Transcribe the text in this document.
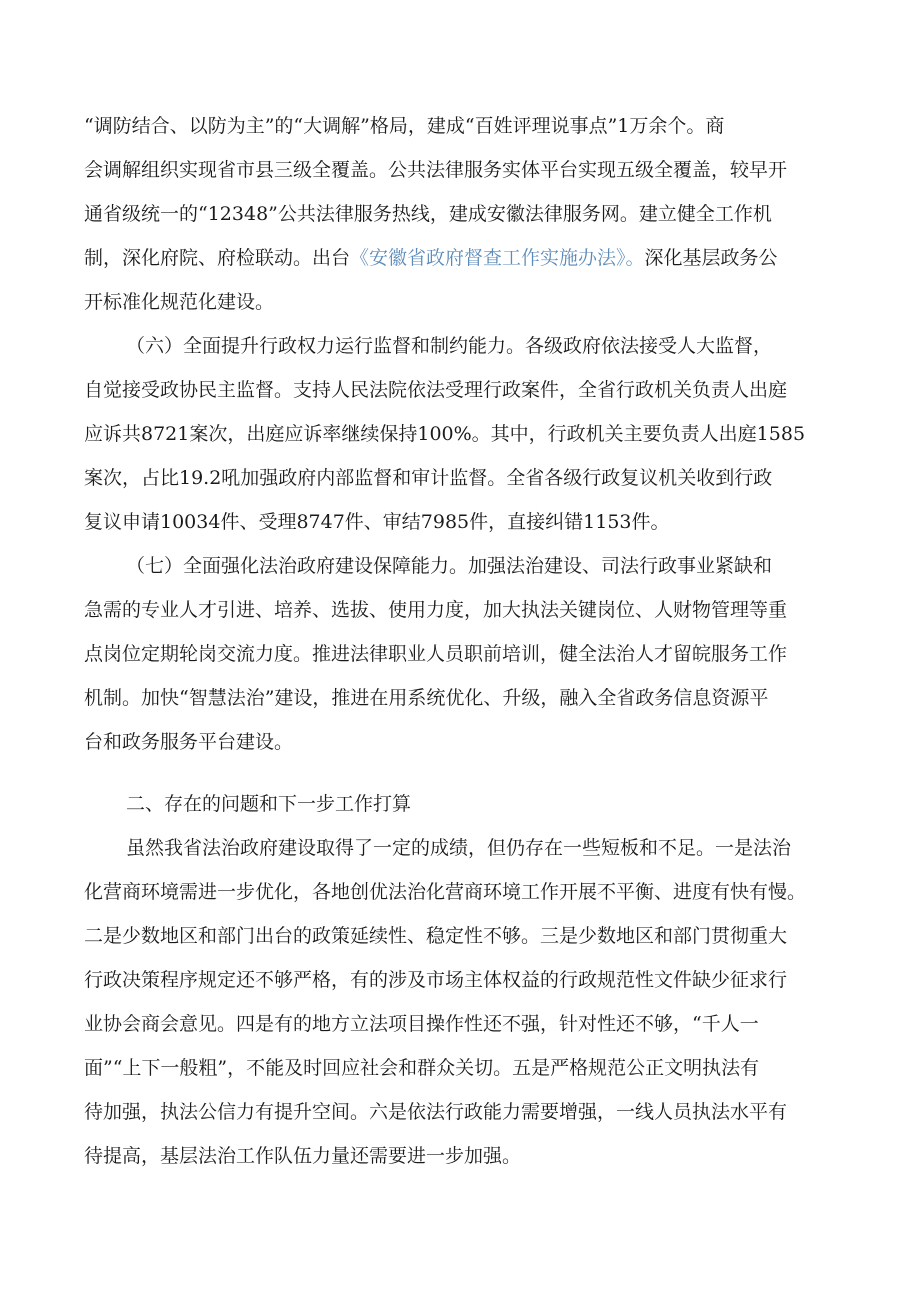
“调防结合、以防为主”的“大调解”格局，建成“百姓评理说事点”1万余个。商
会调解组织实现省市县三级全覆盖。公共法律服务实体平台实现五级全覆盖，较早开
通省级统一的“12348”公共法律服务热线，建成安徽法律服务网。建立健全工作机
制，深化府院、府检联动。出台《安徽省政府督查工作实施办法》。深化基层政务公
开标准化规范化建设。
（六）全面提升行政权力运行监督和制约能力。各级政府依法接受人大监督，
自觉接受政协民主监督。支持人民法院依法受理行政案件，全省行政机关负责人出庭
应诉共8721案次，出庭应诉率继续保持100%。其中，行政机关主要负责人出庭1585
案次，占比19.2吼加强政府内部监督和审计监督。全省各级行政复议机关收到行政
复议申请10034件、受理8747件、审结7985件，直接纠错1153件。
（七）全面强化法治政府建设保障能力。加强法治建设、司法行政事业紧缺和
急需的专业人才引进、培养、选拔、使用力度，加大执法关键岗位、人财物管理等重
点岗位定期轮岗交流力度。推进法律职业人员职前培训，健全法治人才留皖服务工作
机制。加快“智慧法治”建设，推进在用系统优化、升级，融入全省政务信息资源平
台和政务服务平台建设。
二、存在的问题和下一步工作打算
虽然我省法治政府建设取得了一定的成绩，但仍存在一些短板和不足。一是法治
化营商环境需进一步优化，各地创优法治化营商环境工作开展不平衡、进度有快有慢。
二是少数地区和部门出台的政策延续性、稳定性不够。三是少数地区和部门贯彻重大
行政决策程序规定还不够严格，有的涉及市场主体权益的行政规范性文件缺少征求行
业协会商会意见。四是有的地方立法项目操作性还不强，针对性还不够，“千人一
面”“上下一般粗”，不能及时回应社会和群众关切。五是严格规范公正文明执法有
待加强，执法公信力有提升空间。六是依法行政能力需要增强，一线人员执法水平有
待提高，基层法治工作队伍力量还需要进一步加强。
